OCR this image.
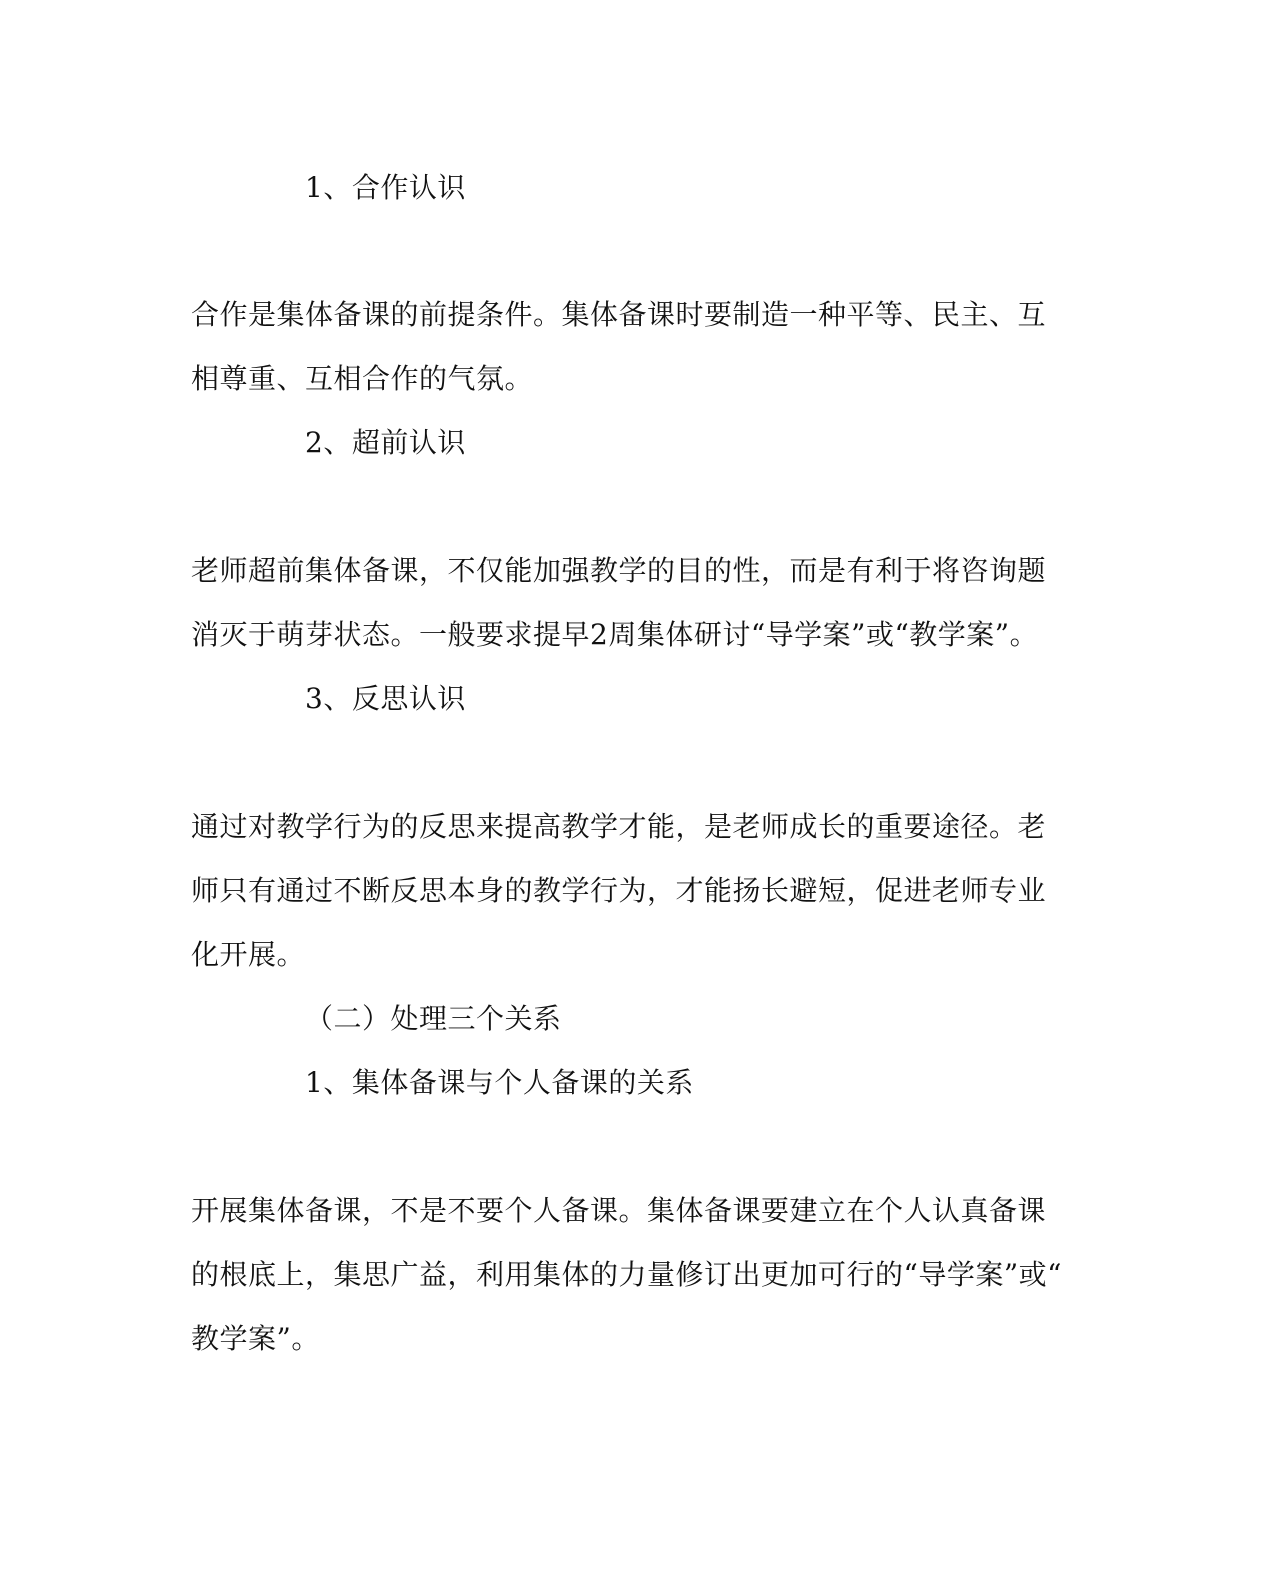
1、合作认识
合作是集体备课的前提条件。集体备课时要制造一种平等、民主、互
相尊重、互相合作的气氛。
2、超前认识
老师超前集体备课，不仅能加强教学的目的性，而是有利于将咨询题
消灭于萌芽状态。一般要求提早2周集体研讨“导学案”或“教学案”。
3、反思认识
通过对教学行为的反思来提高教学才能，是老师成长的重要途径。老
师只有通过不断反思本身的教学行为，才能扬长避短，促进老师专业
化开展。
（二）处理三个关系
1、集体备课与个人备课的关系
开展集体备课，不是不要个人备课。集体备课要建立在个人认真备课
的根底上，集思广益，利用集体的力量修订出更加可行的“导学案”或“
教学案”。
